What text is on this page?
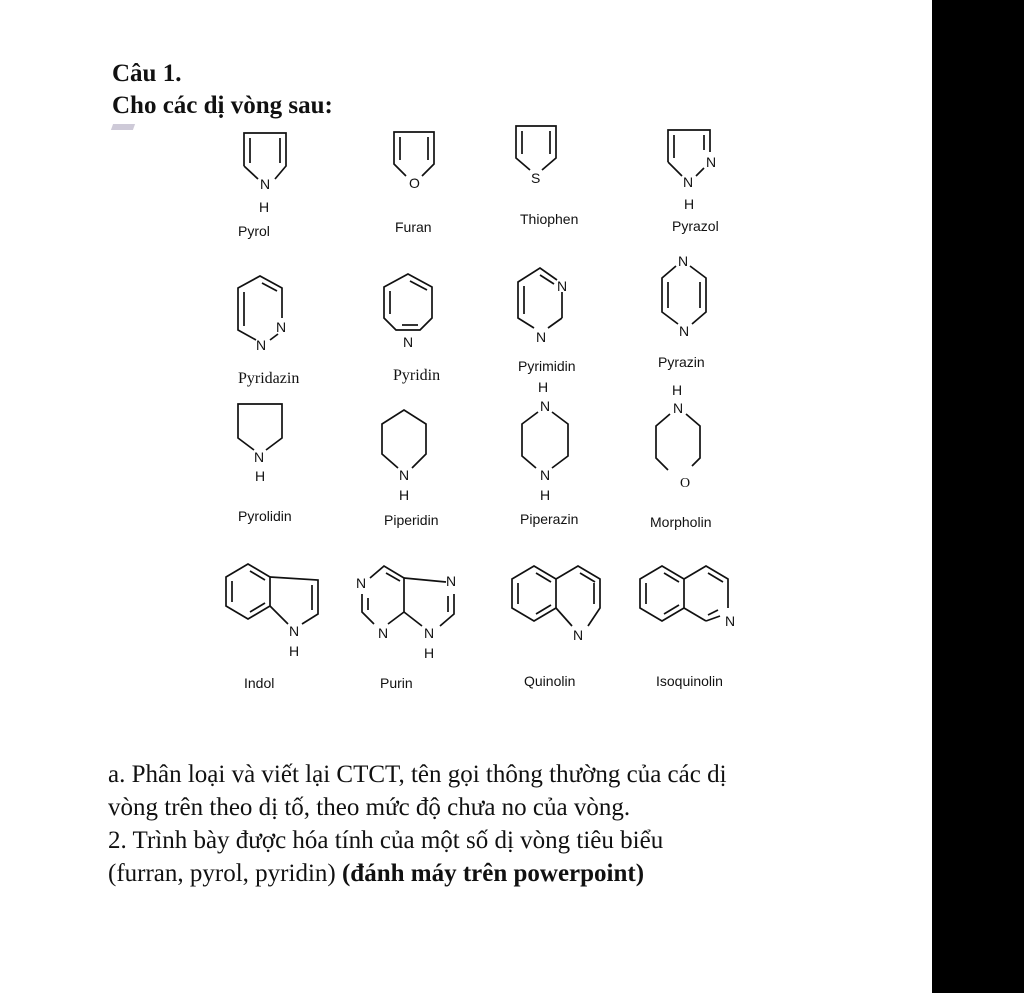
Câu 1.
Cho các dị vòng sau:
N
H
Pyrol
O
Furan
S
Thiophen
N
N
H
Pyrazol
N
N
Pyridazin
N
Pyridin
N
N
Pyrimidin
N
N
Pyrazin
N
H
Pyrolidin
N
H
Piperidin
H
N
N
H
Piperazin
H
N
O
Morpholin
N
H
Indol
N	N
N	N
H
Purin
N
Quinolin
N
Isoquinolin
a. Phân loại và viết lại CTCT, tên gọi thông thường của các dị
vòng trên theo dị tố, theo mức độ chưa no của vòng.
2. Trình bày được hóa tính của một số dị vòng tiêu biểu
(furran, pyrol, pyridin) (đánh máy trên powerpoint)
